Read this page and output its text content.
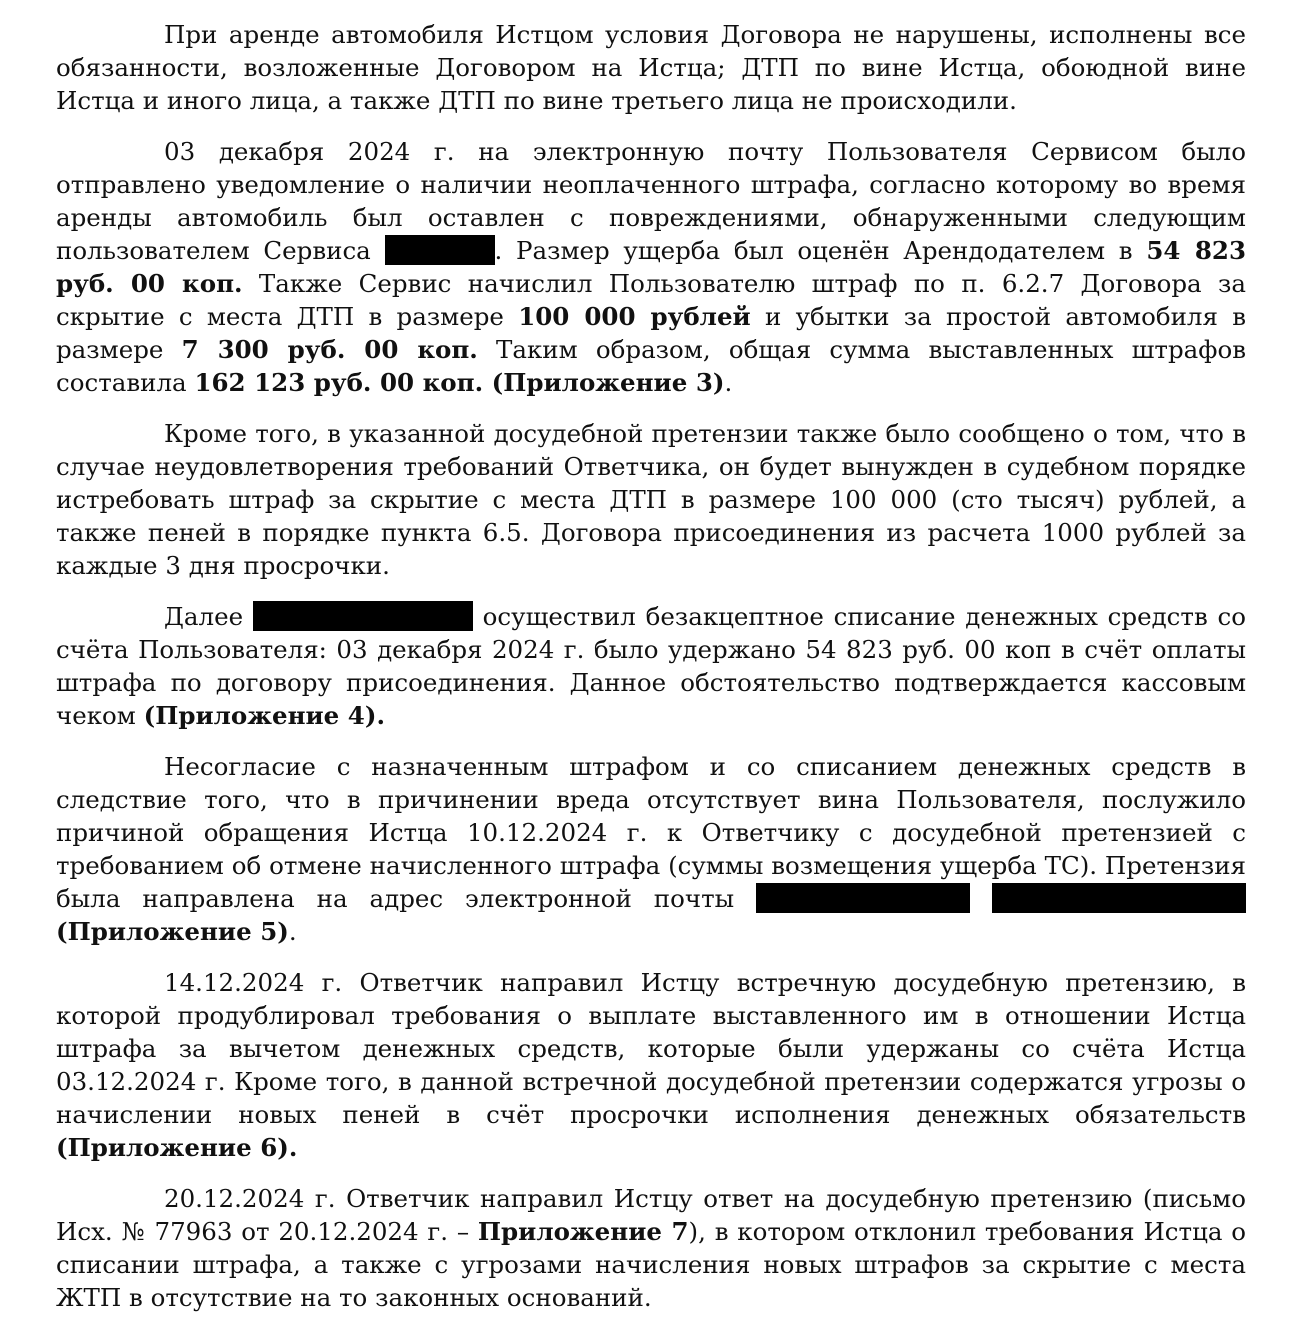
При аренде автомобиля Истцом условия Договора не нарушены, исполнены все обязанности, возложенные Договором на Истца; ДТП по вине Истца, обоюдной вине Истца и иного лица, а также ДТП по вине третьего лица не происходили.

03 декабря 2024 г. на электронную почту Пользователя Сервисом было отправлено уведомление о наличии неоплаченного штрафа, согласно которому во время аренды автомобиль был оставлен с повреждениями, обнаруженными следующим пользователем Сервиса	. Размер ущерба был оценён Арендодателем в 54 823 руб. 00 коп. Также Сервис начислил Пользователю штраф по п. 6.2.7 Договора за скрытие с места ДТП в размере 100 000 рублей и убытки за простой автомобиля в размере 7 300 руб. 00 коп. Таким образом, общая сумма выставленных штрафов составила 162 123 руб. 00 коп. (Приложение 3).

Кроме того, в указанной досудебной претензии также было сообщено о том, что в случае неудовлетворения требований Ответчика, он будет вынужден в судебном порядке истребовать штраф за скрытие с места ДТП в размере 100 000 (сто тысяч) рублей, а также пеней в порядке пункта 6.5. Договора присоединения из расчета 1000 рублей за каждые 3 дня просрочки.

Далее	осуществил безакцептное списание денежных средств со счёта Пользователя: 03 декабря 2024 г. было удержано 54 823 руб. 00 коп в счёт оплаты штрафа по договору присоединения. Данное обстоятельство подтверждается кассовым чеком (Приложение 4).

Несогласие с назначенным штрафом и со списанием денежных средств в следствие того, что в причинении вреда отсутствует вина Пользователя, послужило причиной обращения Истца 10.12.2024 г. к Ответчику с досудебной претензией с требованием об отмене начисленного штрафа (суммы возмещения ущерба ТС). Претензия была направлена на адрес электронной почты   (Приложение 5).

14.12.2024 г. Ответчик направил Истцу встречную досудебную претензию, в которой продублировал требования о выплате выставленного им в отношении Истца штрафа за вычетом денежных средств, которые были удержаны со счёта Истца 03.12.2024 г. Кроме того, в данной встречной досудебной претензии содержатся угрозы о начислении новых пеней в счёт просрочки исполнения денежных обязательств (Приложение 6).

20.12.2024 г. Ответчик направил Истцу ответ на досудебную претензию (письмо Исх. № 77963 от 20.12.2024 г. – Приложение 7), в котором отклонил требования Истца о списании штрафа, а также с угрозами начисления новых штрафов за скрытие с места ЖТП в отсутствие на то законных оснований.
